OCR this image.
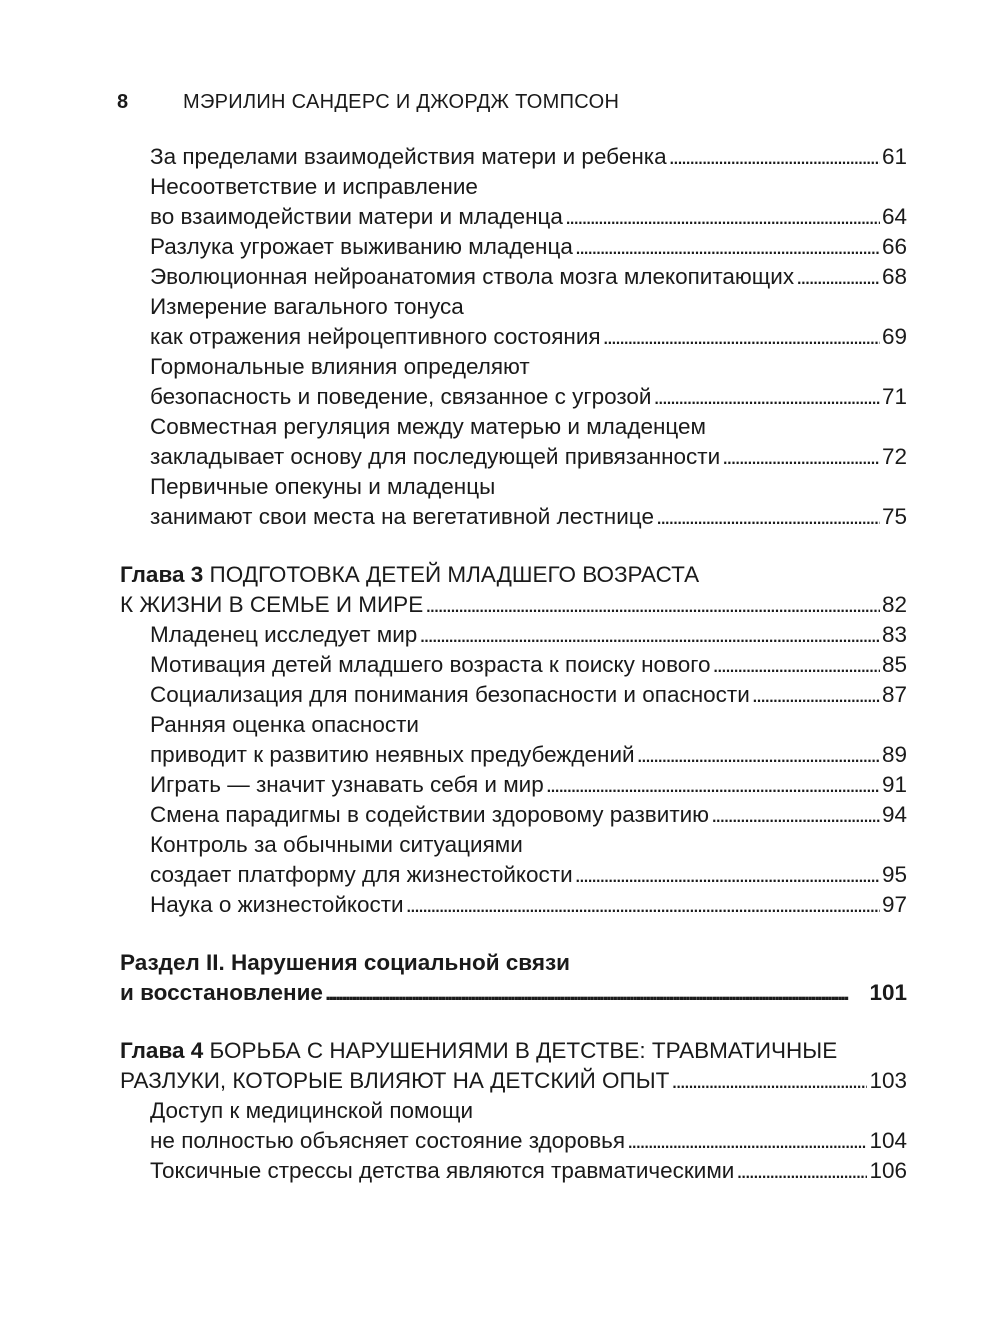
8	МЭРИЛИН САНДЕРС И ДЖОРДЖ ТОМПСОН
За пределами взаимодействия матери и ребенка . . .	61
Несоответствие и исправление
во взаимодействии матери и младенца . . .	64
Разлука угрожает выживанию младенца . . .	66
Эволюционная нейроанатомия ствола мозга млекопитающих . . .	68
Измерение вагального тонуса
как отражения нейроцептивного состояния . . .	69
Гормональные влияния определяют
безопасность и поведение, связанное с угрозой . . .	71
Совместная регуляция между матерью и младенцем
закладывает основу для последующей привязанности . . .	72
Первичные опекуны и младенцы
занимают свои места на вегетативной лестнице . . .	75
Глава 3 ПОДГОТОВКА ДЕТЕЙ МЛАДШЕГО ВОЗРАСТА
К ЖИЗНИ В СЕМЬЕ И МИРЕ . . .	82
Младенец исследует мир . . .	83
Мотивация детей младшего возраста к поиску нового . . .	85
Социализация для понимания безопасности и опасности . . .	87
Ранняя оценка опасности
приводит к развитию неявных предубеждений . . .	89
Играть — значит узнавать себя и мир . . .	91
Смена парадигмы в содействии здоровому развитию . . .	94
Контроль за обычными ситуациями
создает платформу для жизнестойкости . . .	95
Наука о жизнестойкости . . .	97
Раздел II. Нарушения социальной связи
и восстановление . . .	101
Глава 4 БОРЬБА С НАРУШЕНИЯМИ В ДЕТСТВЕ: ТРАВМАТИЧНЫЕ
РАЗЛУКИ, КОТОРЫЕ ВЛИЯЮТ НА ДЕТСКИЙ ОПЫТ . . .	103
Доступ к медицинской помощи
не полностью объясняет состояние здоровья . . .	104
Токсичные стрессы детства являются травматическими . . .	106
